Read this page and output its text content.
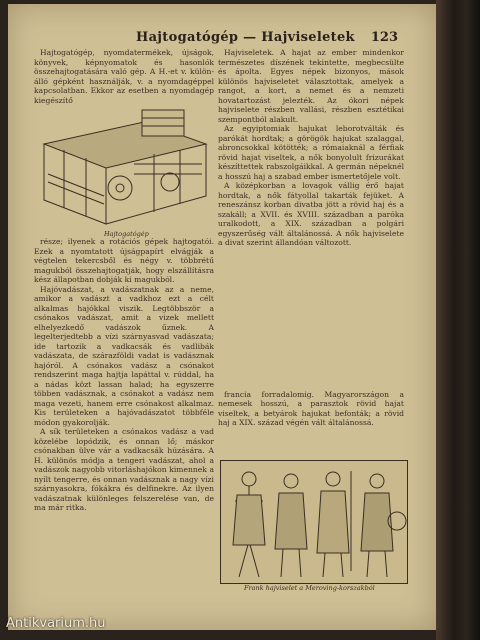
Hajtogatógép — Hajviseletek 123

Hajtogatógép, nyomdatermékek, újságok, könyvek, képnyomatok és hasonlók összehajtogatására való gép. A H.-et v. külön-álló gépként használják, v. a nyomdagéppel kapcsolatban. Ekkor az esetben a nyomdagép kiegészítő

része; ilyenek a rotációs gépek hajtogatói. Ezek a nyomtatott újságpapírt elvágják a végtelen tekercsből és négy v. többrétű magukból összehajtogatják, hogy elszállításra kész állapotban dobják ki magukból.

Hajóvadászat, a vadászatnak az a neme, amikor a vadászt a vadkhoz ezt a célt alkalmas hajókkal viszik. Legtöbbször a csónakos vadászat, amit a vizek mellett elhelyezkedő vadászok űznek. A legelterjedtebb a vízi szárnyasvad vadászata; ide tartozik a vadkacsák és vadlibák vadászata, de szárazföldi vadat is vadásznak hajóról. A csónakos vadász a csónakot rendszerint maga hajtja lapáttal v. rúddal, ha a nádas közt lassan halad; ha egyszerre többen vadásznak, a csónakot a vadász nem maga vezeti, hanem erre csónakost alkalmaz. Kis területeken a hajóvadászatot többféle módon gyakorolják.

A sík területeken a csónakos vadász a vad közelébe lopódzik, és onnan lő; máskor csónakban ülve vár a vadkacsák húzására. A H. különös módja a tengeri vadászat, ahol a vadászok nagyobb vitorláshajókon kimennek a nyílt tengerre, és onnan vadásznak a nagy vízi szárnyasokra, fókákra és delfinekre. Az ilyen vadászatnak különleges felszerelése van, de ma már ritka.

Hajtogatógép

Hajviseletek. A hajat az ember mindenkor természetes díszének tekintette, megbecsülte és ápolta. Egyes népek bizonyos, mások különös hajviseletet választottak, amelyek a rangot, a kort, a nemet és a nemzeti hovatartozást jelezték. Az ókori népek hajviselete részben vallási, részben esztétikai szempontból alakult.

Az egyiptomiak hajukat leborotválták és parókát hordtak; a görögök hajukat szalaggal, abroncsokkal kötötték; a rómaiaknál a férfiak rövid hajat viseltek, a nők bonyolult frizurákat készíttettek rabszolgáikkal. A germán népeknél a hosszú haj a szabad ember ismertetőjele volt.

A középkorban a lovagok vállig érő hajat hordtak, a nők fátyollal takarták fejüket. A reneszánsz korban divatba jött a rövid haj és a szakáll; a XVII. és XVIII. században a paróka uralkodott, a XIX. században a polgári egyszerűség vált általánossá. A nők hajviselete a divat szerint állandóan változott.

francia forradalomig. Magyarországon a nemesek hosszú, a parasztok rövid hajat viseltek, a betyárok hajukat befonták; a rövid haj a XIX. század végén vált általánossá.

Frank hajviselet a Meroving-korszakból
Antikvarium.hu
